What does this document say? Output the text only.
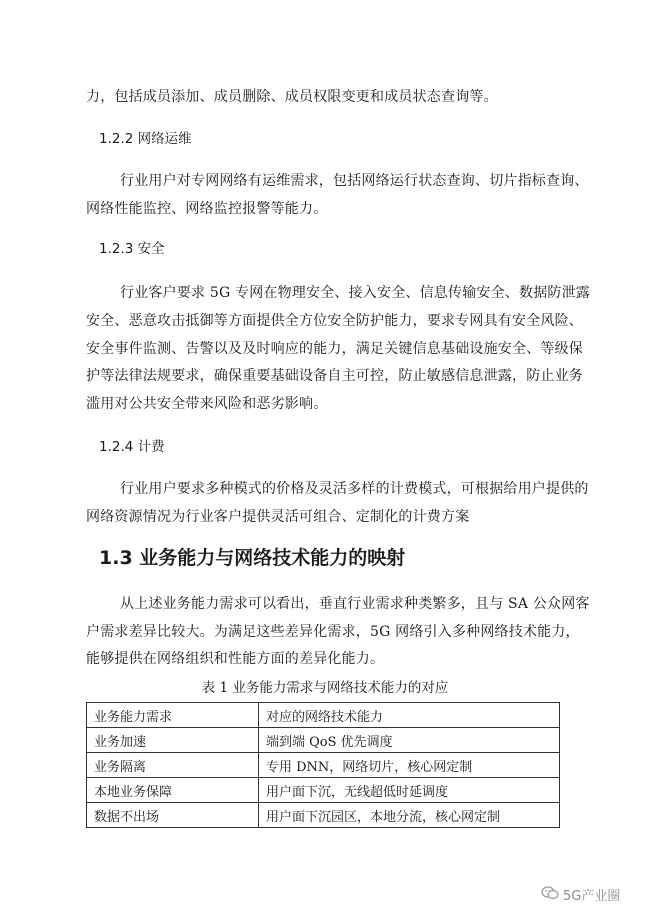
力，包括成员添加、成员删除、成员权限变更和成员状态查询等。
1.2.2 网络运维
行业用户对专网网络有运维需求，包括网络运行状态查询、切片指标查询、
网络性能监控、网络监控报警等能力。
1.2.3 安全
行业客户要求 5G 专网在物理安全、接入安全、信息传输安全、数据防泄露
安全、恶意攻击抵御等方面提供全方位安全防护能力，要求专网具有安全风险、
安全事件监测、告警以及及时响应的能力，满足关键信息基础设施安全、等级保
护等法律法规要求，确保重要基础设备自主可控，防止敏感信息泄露，防止业务
滥用对公共安全带来风险和恶劣影响。
1.2.4 计费
行业用户要求多种模式的价格及灵活多样的计费模式，可根据给用户提供的
网络资源情况为行业客户提供灵活可组合、定制化的计费方案
1.3 业务能力与网络技术能力的映射
从上述业务能力需求可以看出，垂直行业需求种类繁多，且与 SA 公众网客
户需求差异比较大。为满足这些差异化需求，5G 网络引入多种网络技术能力，
能够提供在网络组织和性能方面的差异化能力。
表 1 业务能力需求与网络技术能力的对应
业务能力需求	对应的网络技术能力
业务加速	端到端 QoS 优先调度
业务隔离	专用 DNN，网络切片，核心网定制
本地业务保障	用户面下沉，无线超低时延调度
数据不出场	用户面下沉园区，本地分流，核心网定制
5G产业圈
